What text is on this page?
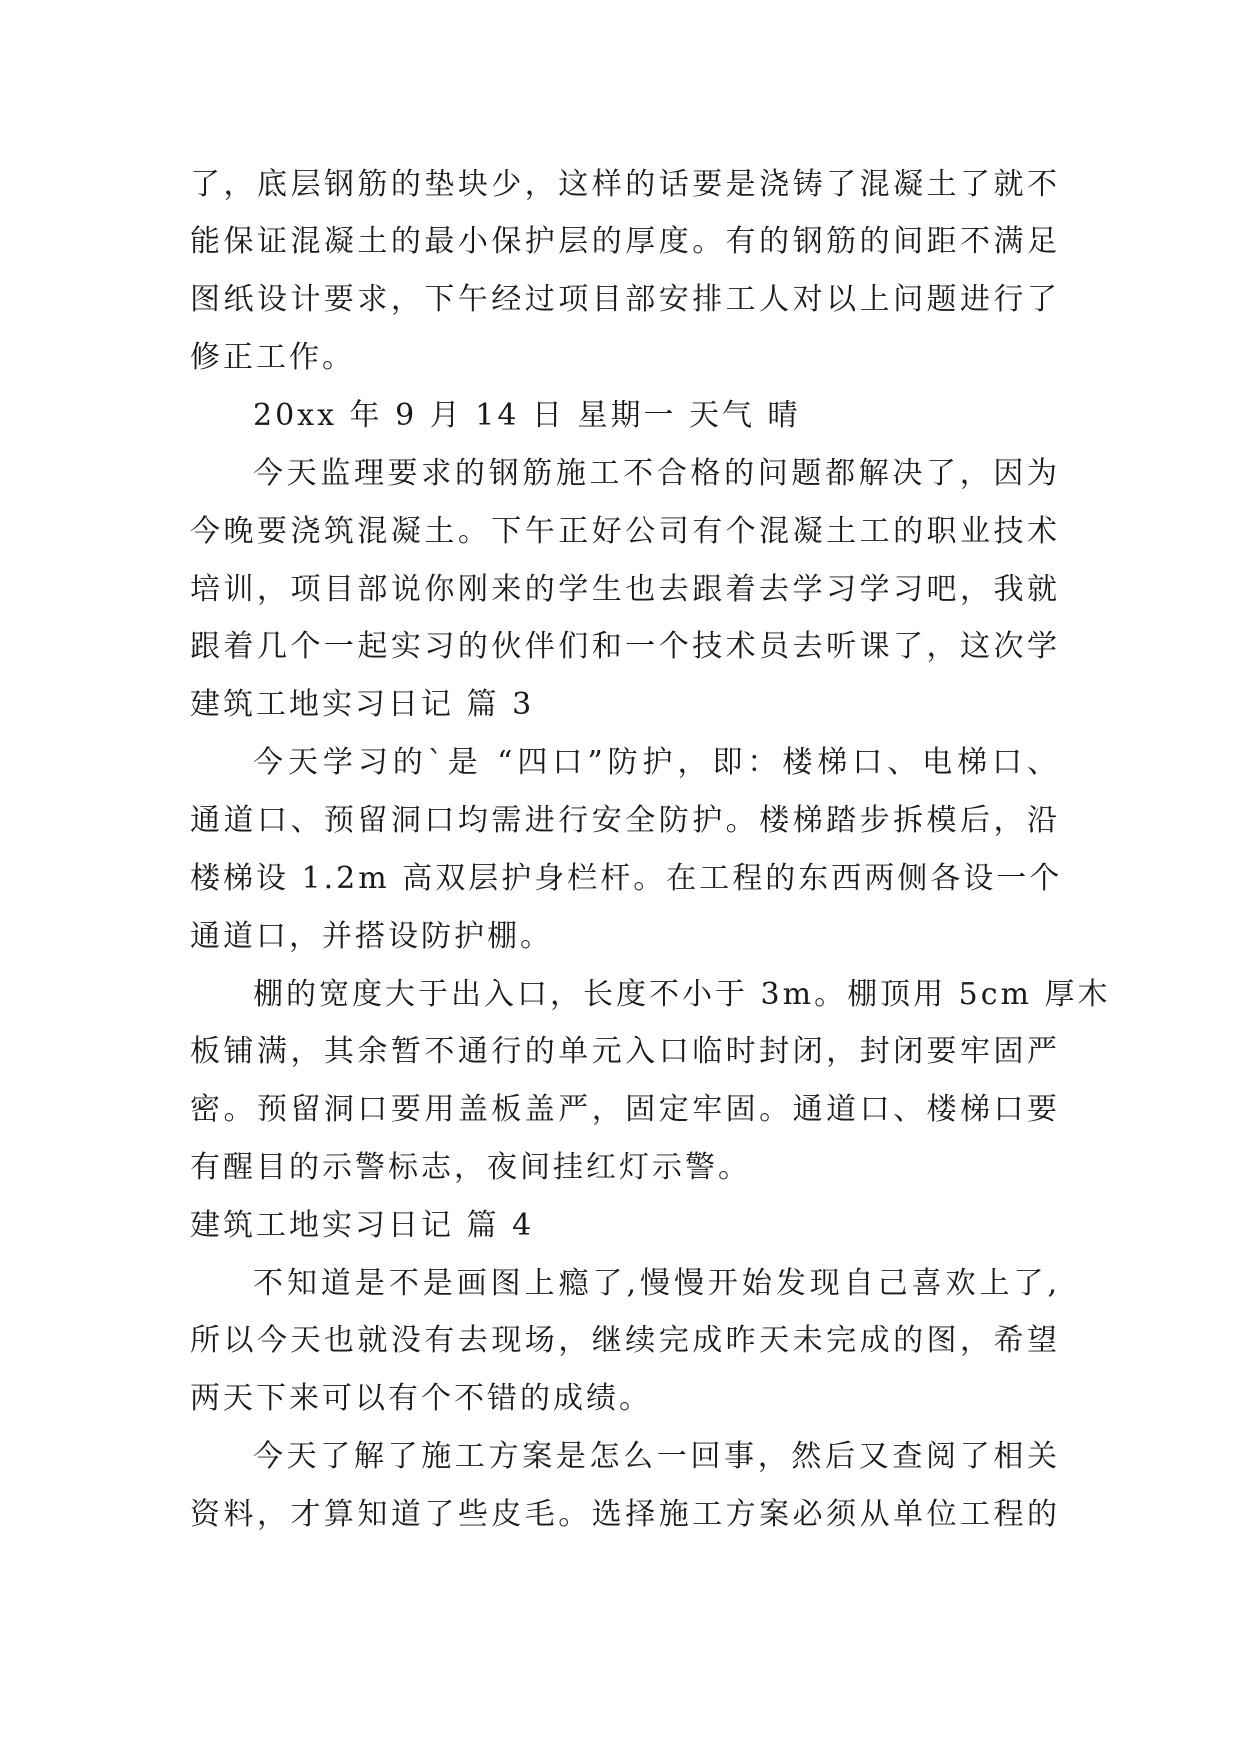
了，底层钢筋的垫块少，这样的话要是浇铸了混凝土了就不
能保证混凝土的最小保护层的厚度。有的钢筋的间距不满足
图纸设计要求，下午经过项目部安排工人对以上问题进行了
修正工作。
20xx 年 9 月 14 日 星期一 天气 晴
今天监理要求的钢筋施工不合格的问题都解决了，因为
今晚要浇筑混凝土。下午正好公司有个混凝土工的职业技术
培训，项目部说你刚来的学生也去跟着去学习学习吧，我就
跟着几个一起实习的伙伴们和一个技术员去听课了，这次学
建筑工地实习日记 篇 3
今天学习的`是 “四口”防护，即：楼梯口、电梯口、
通道口、预留洞口均需进行安全防护。楼梯踏步拆模后，沿
楼梯设 1.2m 高双层护身栏杆。在工程的东西两侧各设一个
通道口，并搭设防护棚。
棚的宽度大于出入口，长度不小于 3m。棚顶用 5cm 厚木
板铺满，其余暂不通行的单元入口临时封闭，封闭要牢固严
密。预留洞口要用盖板盖严，固定牢固。通道口、楼梯口要
有醒目的示警标志，夜间挂红灯示警。
建筑工地实习日记 篇 4
不知道是不是画图上瘾了,慢慢开始发现自己喜欢上了,
所以今天也就没有去现场，继续完成昨天未完成的图，希望
两天下来可以有个不错的成绩。
今天了解了施工方案是怎么一回事，然后又查阅了相关
资料，才算知道了些皮毛。选择施工方案必须从单位工程的
